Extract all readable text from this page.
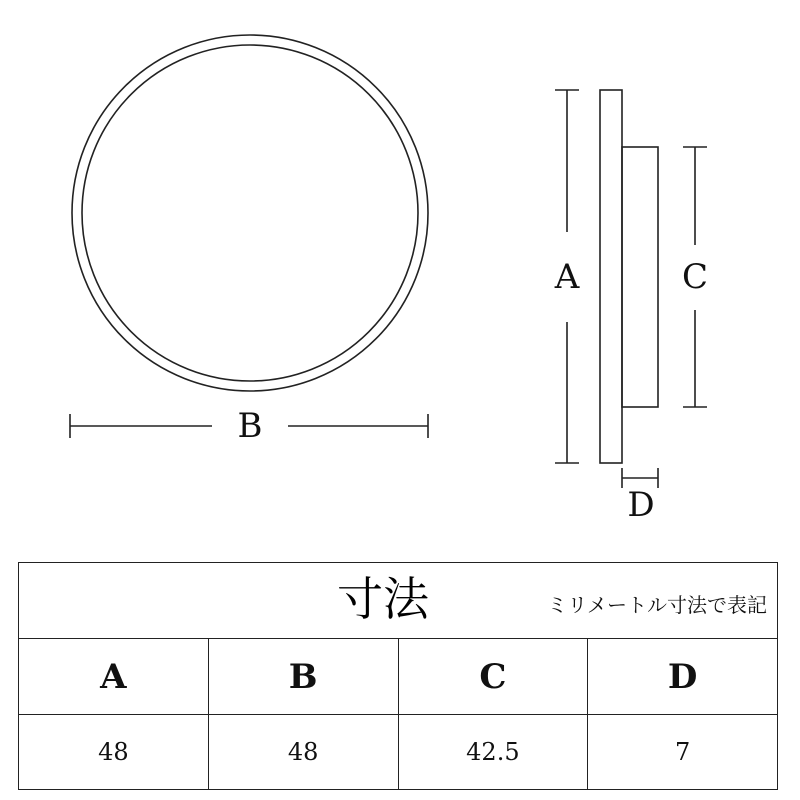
B
A	C
D
寸法	ミリメートル寸法で表記
A	B	C	D
48	48	42.5	7
